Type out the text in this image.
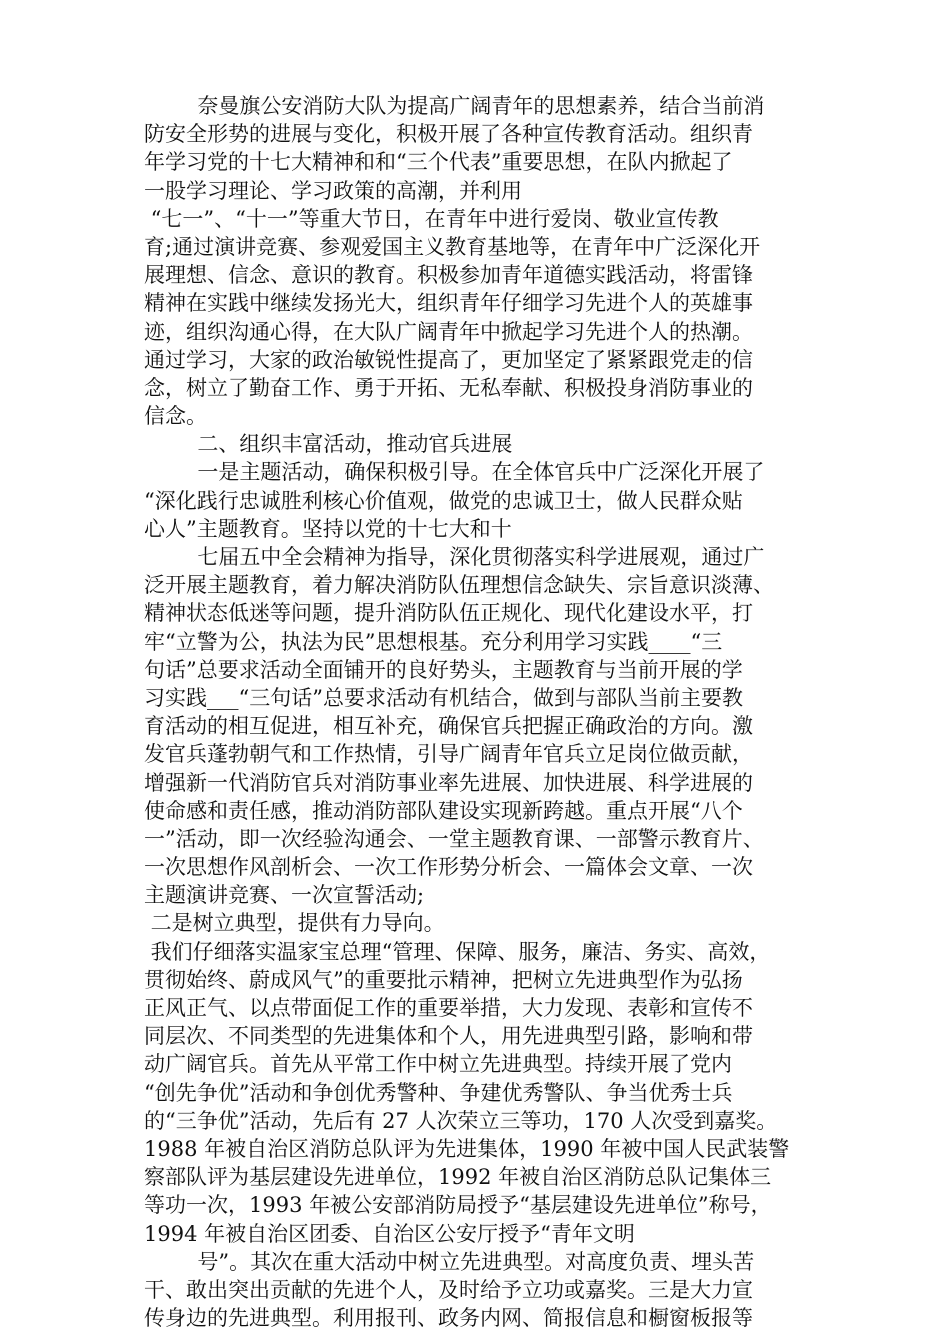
奈曼旗公安消防大队为提高广阔青年的思想素养，结合当前消
防安全形势的进展与变化，积极开展了各种宣传教育活动。组织青
年学习党的十七大精神和和“三个代表”重要思想，在队内掀起了
一股学习理论、学习政策的高潮，并利用
“七一”、“十一”等重大节日，在青年中进行爱岗、敬业宣传教
育;通过演讲竞赛、参观爱国主义教育基地等，在青年中广泛深化开
展理想、信念、意识的教育。积极参加青年道德实践活动，将雷锋
精神在实践中继续发扬光大，组织青年仔细学习先进个人的英雄事
迹，组织沟通心得，在大队广阔青年中掀起学习先进个人的热潮。
通过学习，大家的政治敏锐性提高了，更加坚定了紧紧跟党走的信
念，树立了勤奋工作、勇于开拓、无私奉献、积极投身消防事业的
信念。
二、组织丰富活动，推动官兵进展
一是主题活动，确保积极引导。在全体官兵中广泛深化开展了
“深化践行忠诚胜利核心价值观，做党的忠诚卫士，做人民群众贴
心人”主题教育。坚持以党的十七大和十
七届五中全会精神为指导，深化贯彻落实科学进展观，通过广
泛开展主题教育，着力解决消防队伍理想信念缺失、宗旨意识淡薄、
精神状态低迷等问题，提升消防队伍正规化、现代化建设水平，打
牢“立警为公，执法为民”思想根基。充分利用学习实践____“三
句话”总要求活动全面铺开的良好势头，主题教育与当前开展的学
习实践___“三句话”总要求活动有机结合，做到与部队当前主要教
育活动的相互促进，相互补充，确保官兵把握正确政治的方向。激
发官兵蓬勃朝气和工作热情，引导广阔青年官兵立足岗位做贡献，
增强新一代消防官兵对消防事业率先进展、加快进展、科学进展的
使命感和责任感，推动消防部队建设实现新跨越。重点开展“八个
一”活动，即一次经验沟通会、一堂主题教育课、一部警示教育片、
一次思想作风剖析会、一次工作形势分析会、一篇体会文章、一次
主题演讲竞赛、一次宣誓活动;
二是树立典型，提供有力导向。
我们仔细落实温家宝总理“管理、保障、服务，廉洁、务实、高效，
贯彻始终、蔚成风气”的重要批示精神，把树立先进典型作为弘扬
正风正气、以点带面促工作的重要举措，大力发现、表彰和宣传不
同层次、不同类型的先进集体和个人，用先进典型引路，影响和带
动广阔官兵。首先从平常工作中树立先进典型。持续开展了党内
“创先争优”活动和争创优秀警种、争建优秀警队、争当优秀士兵
的“三争优”活动，先后有 27 人次荣立三等功，170 人次受到嘉奖。
1988 年被自治区消防总队评为先进集体，1990 年被中国人民武装警
察部队评为基层建设先进单位，1992 年被自治区消防总队记集体三
等功一次，1993 年被公安部消防局授予“基层建设先进单位”称号，
1994 年被自治区团委、自治区公安厅授予“青年文明
号”。其次在重大活动中树立先进典型。对高度负责、埋头苦
干、敢出突出贡献的先进个人，及时给予立功或嘉奖。三是大力宣
传身边的先进典型。利用报刊、政务内网、简报信息和橱窗板报等
